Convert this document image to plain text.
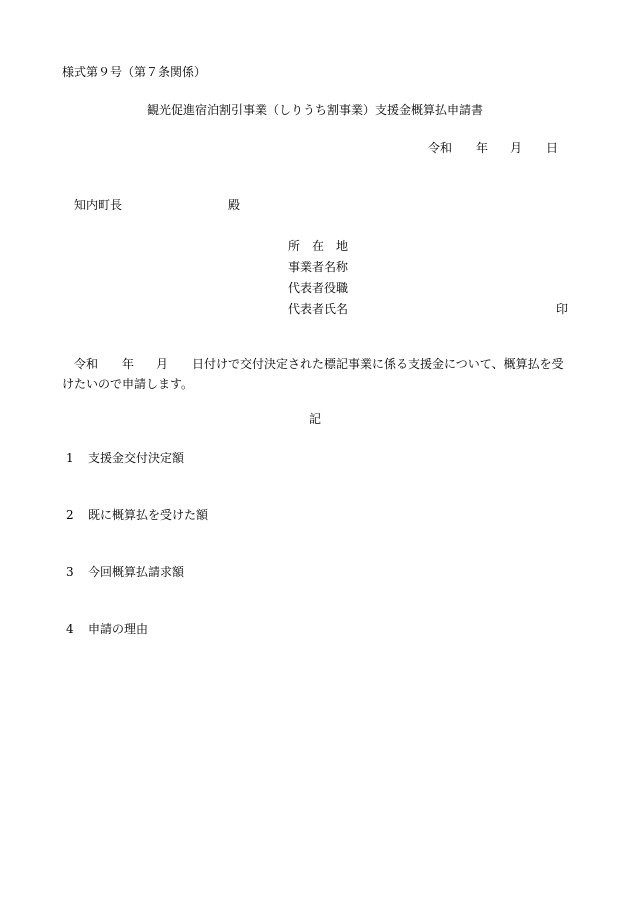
様式第９号（第７条関係）
観光促進宿泊割引事業（しりうち割事業）支援金概算払申請書
令和 年 月 日
知内町長	殿
所　在　地
事業者名称
代表者役職
代表者氏名	印
令和 年 月 日付けで交付決定された標記事業に係る支援金について、概算払を受けたいので申請します。
記
1 支援金交付決定額
2 既に概算払を受けた額
3 今回概算払請求額
4 申請の理由
